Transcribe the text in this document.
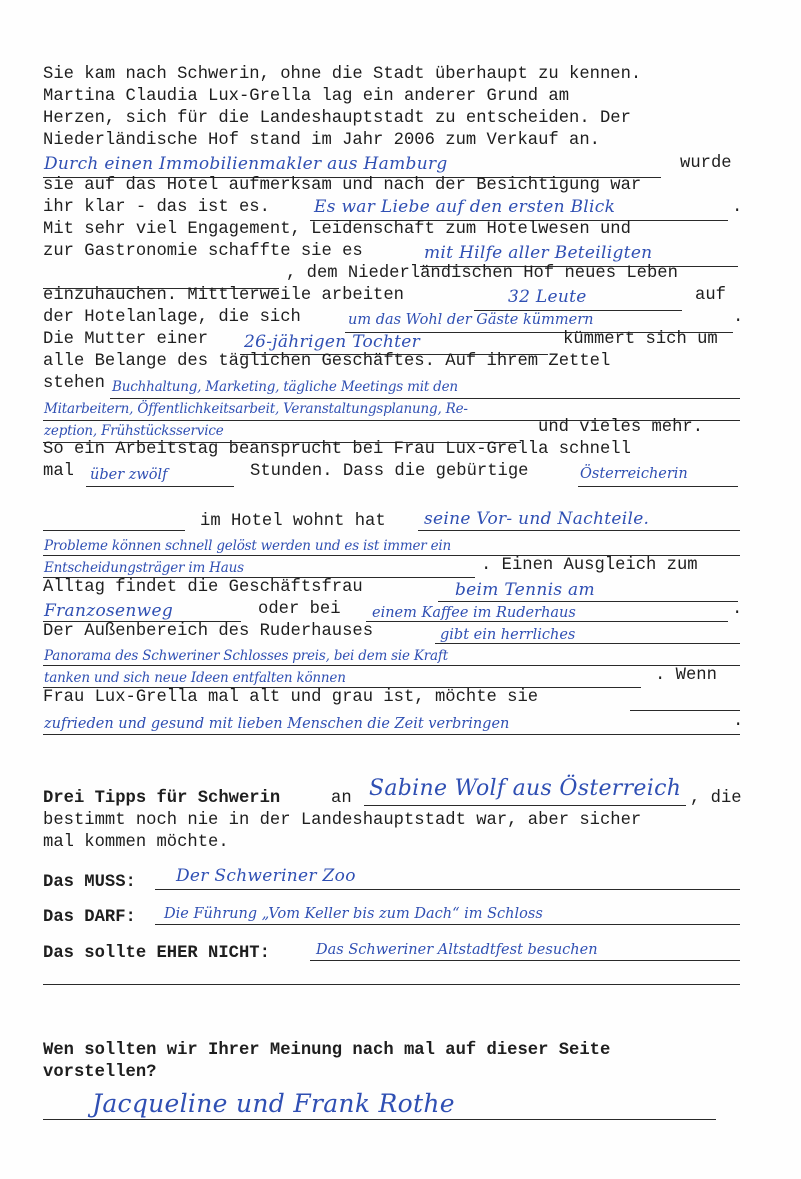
Sie kam nach Schwerin, ohne die Stadt überhaupt zu kennen.
Martina Claudia Lux-Grella lag ein anderer Grund am
Herzen, sich für die Landeshauptstadt zu entscheiden. Der
Niederländische Hof stand im Jahr 2006 zum Verkauf an.
Durch einen Immobilienmakler aus Hamburg	wurde
sie auf das Hotel aufmerksam und nach der Besichtigung war
ihr klar - das ist es.	Es war Liebe auf den ersten Blick	.
Mit sehr viel Engagement, Leidenschaft zum Hotelwesen und
zur Gastronomie schaffte sie es	mit Hilfe aller Beteiligten
, dem Niederländischen Hof neues Leben
einzuhauchen. Mittlerweile arbeiten	32 Leute	auf
der Hotelanlage, die sich	um das Wohl der Gäste kümmern	.
Die Mutter einer 26-jährigen Tochter	kümmert sich um
alle Belange des täglichen Geschäftes. Auf ihrem Zettel
stehen Buchhaltung, Marketing, tägliche Meetings mit den
Mitarbeitern, Öffentlichkeitsarbeit, Veranstaltungsplanung, Re-
zeption, Frühstücksservice	und vieles mehr.
So ein Arbeitstag beansprucht bei Frau Lux-Grella schnell
mal über zwölf	Stunden. Dass die gebürtige	Österreicherin
im Hotel wohnt hat seine Vor- und Nachteile.
Probleme können schnell gelöst werden und es ist immer ein
Entscheidungsträger im Haus	. Einen Ausgleich zum
Alltag findet die Geschäftsfrau	beim Tennis am
Franzosenweg	oder bei einem Kaffee im Ruderhaus	.
Der Außenbereich des Ruderhauses	gibt ein herrliches
Panorama des Schweriner Schlosses preis, bei dem sie Kraft
tanken und sich neue Ideen entfalten können	. Wenn
Frau Lux-Grella mal alt und grau ist, möchte sie
zufrieden und gesund mit lieben Menschen die Zeit verbringen	.
Drei Tipps für Schwerin	an Sabine Wolf aus Österreich , die
bestimmt noch nie in der Landeshauptstadt war, aber sicher
mal kommen möchte.
Das MUSS: Der Schweriner Zoo
Das DARF: Die Führung „Vom Keller bis zum Dach“ im Schloss
Das sollte EHER NICHT:	Das Schweriner Altstadtfest besuchen
Wen sollten wir Ihrer Meinung nach mal auf dieser Seite
vorstellen?
Jacqueline und Frank Rothe
